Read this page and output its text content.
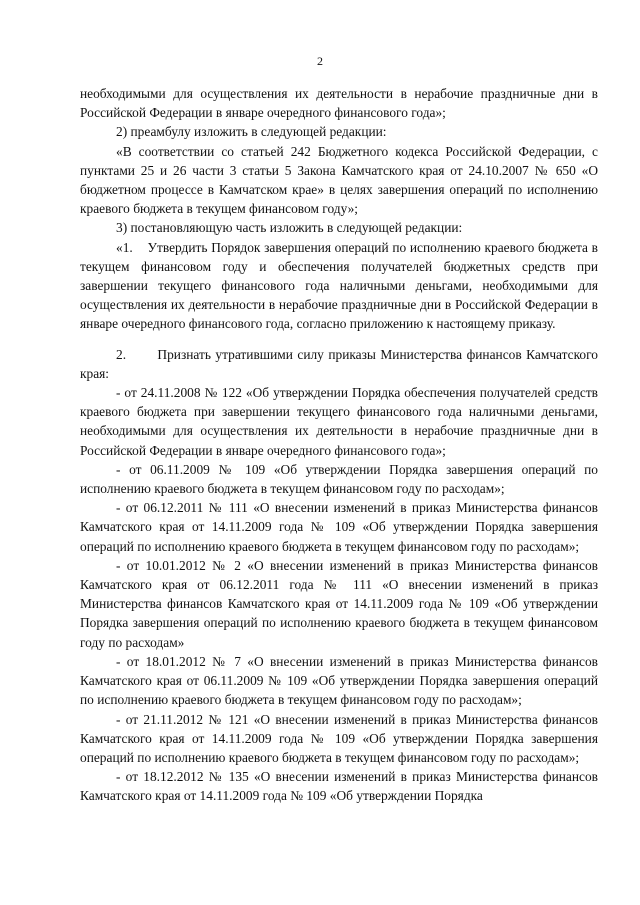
2

необходимыми для осуществления их деятельности в нерабочие праздничные дни в Российской Федерации в январе очередного финансового года»;

2) преамбулу изложить в следующей редакции:

«В соответствии со статьей 242 Бюджетного кодекса Российской Федерации, с пунктами 25 и 26 части 3 статьи 5 Закона Камчатского края от 24.10.2007 № 650 «О бюджетном процессе в Камчатском крае» в целях завершения операций по исполнению краевого бюджета в текущем финансовом году»;

3) постановляющую часть изложить в следующей редакции:

«1.    Утвердить Порядок завершения операций по исполнению краевого бюджета в текущем финансовом году и обеспечения получателей бюджетных средств при завершении текущего финансового года наличными деньгами, необходимыми для осуществления их деятельности в нерабочие праздничные дни в Российской Федерации в январе очередного финансового года, согласно приложению к настоящему приказу.

2.       Признать утратившими силу приказы Министерства финансов Камчатского края:

- от 24.11.2008 № 122 «Об утверждении Порядка обеспечения получателей средств краевого бюджета при завершении текущего финансового года наличными деньгами, необходимыми для осуществления их деятельности в нерабочие праздничные дни в Российской Федерации в январе очередного финансового года»;

- от 06.11.2009 № 109 «Об утверждении Порядка завершения операций по исполнению краевого бюджета в текущем финансовом году по расходам»;

- от 06.12.2011 № 111 «О внесении изменений в приказ Министерства финансов Камчатского края от 14.11.2009 года № 109 «Об утверждении Порядка завершения операций по исполнению краевого бюджета в текущем финансовом году по расходам»;

- от 10.01.2012 № 2 «О внесении изменений в приказ Министерства финансов Камчатского края от 06.12.2011 года № 111 «О внесении изменений в приказ Министерства финансов Камчатского края от 14.11.2009 года № 109 «Об утверждении Порядка завершения операций по исполнению краевого бюджета в текущем финансовом году по расходам»

- от 18.01.2012 № 7 «О внесении изменений в приказ Министерства финансов Камчатского края от 06.11.2009 № 109 «Об утверждении Порядка завершения операций по исполнению краевого бюджета в текущем финансовом году по расходам»;

- от 21.11.2012 № 121 «О внесении изменений в приказ Министерства финансов Камчатского края от 14.11.2009 года № 109 «Об утверждении Порядка завершения операций по исполнению краевого бюджета в текущем финансовом году по расходам»;

- от 18.12.2012 № 135 «О внесении изменений в приказ Министерства финансов Камчатского края от 14.11.2009 года № 109 «Об утверждении Порядка
